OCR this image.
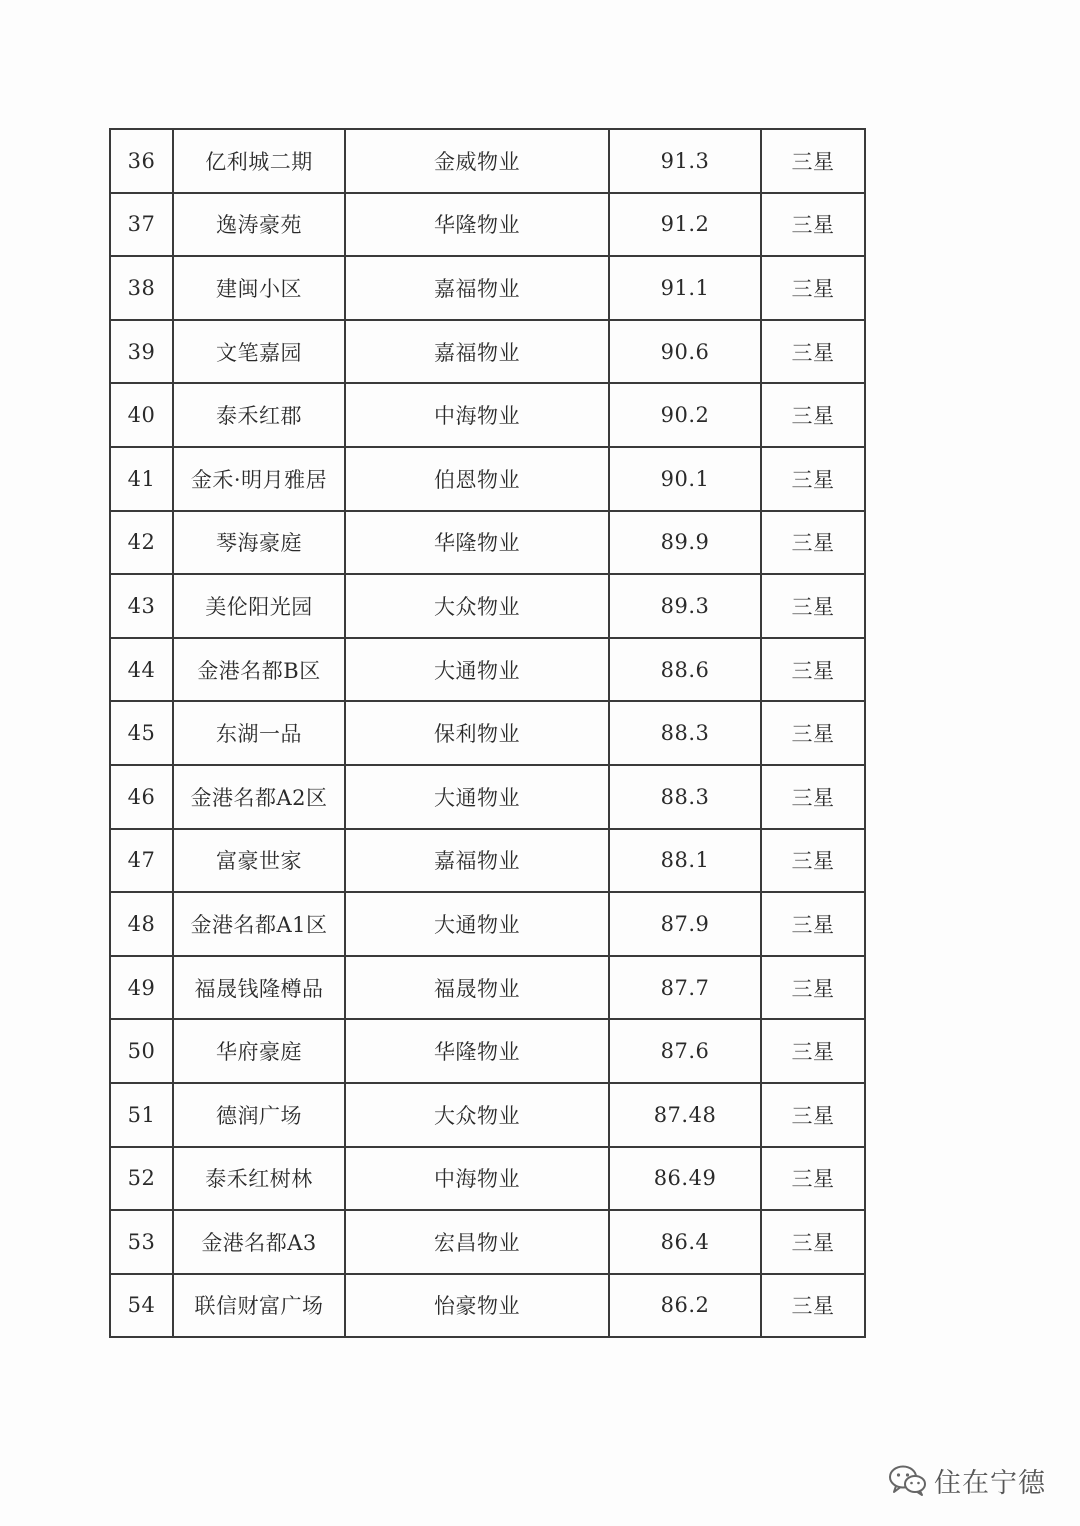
36	亿利城二期	金威物业	91.3	三星
37	逸涛豪苑	华隆物业	91.2	三星
38	建闽小区	嘉福物业	91.1	三星
39	文笔嘉园	嘉福物业	90.6	三星
40	泰禾红郡	中海物业	90.2	三星
41	金禾·明月雅居	伯恩物业	90.1	三星
42	琴海豪庭	华隆物业	89.9	三星
43	美伦阳光园	大众物业	89.3	三星
44	金港名都B区	大通物业	88.6	三星
45	东湖一品	保利物业	88.3	三星
46	金港名都A2区	大通物业	88.3	三星
47	富豪世家	嘉福物业	88.1	三星
48	金港名都A1区	大通物业	87.9	三星
49	福晟钱隆樽品	福晟物业	87.7	三星
50	华府豪庭	华隆物业	87.6	三星
51	德润广场	大众物业	87.48	三星
52	泰禾红树林	中海物业	86.49	三星
53	金港名都A3	宏昌物业	86.4	三星
54	联信财富广场	怡豪物业	86.2	三星
住在宁德
